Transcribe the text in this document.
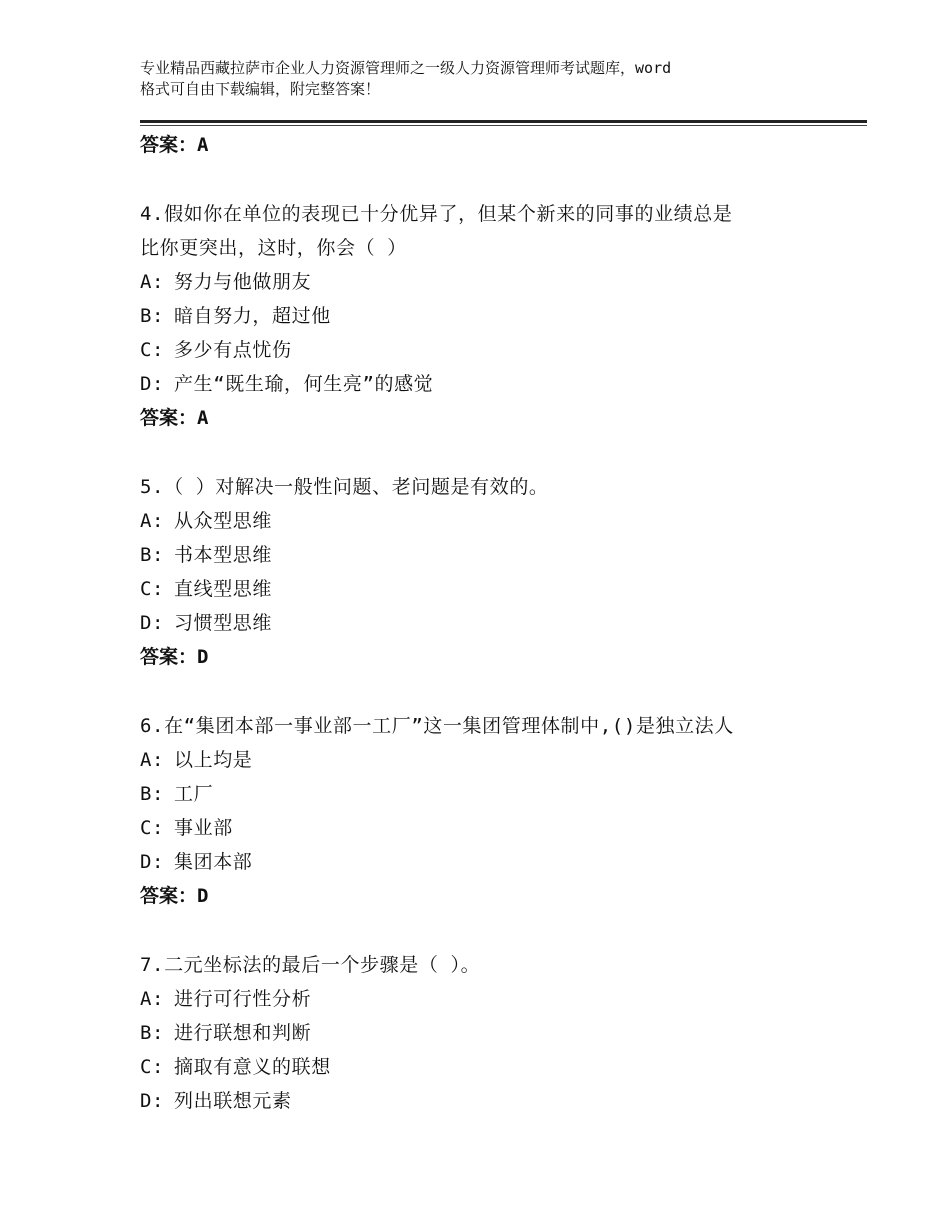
专业精品西藏拉萨市企业人力资源管理师之一级人力资源管理师考试题库，word
格式可自由下载编辑，附完整答案！
答案：A
4.假如你在单位的表现已十分优异了，但某个新来的同事的业绩总是
比你更突出，这时，你会（ ）
A: 努力与他做朋友
B: 暗自努力，超过他
C: 多少有点忧伤
D: 产生“既生瑜，何生亮”的感觉
答案：A
5.（ ）对解决一般性问题、老问题是有效的。
A: 从众型思维
B: 书本型思维
C: 直线型思维
D: 习惯型思维
答案：D
6.在“集团本部一事业部一工厂”这一集团管理体制中,()是独立法人
A: 以上均是
B: 工厂
C: 事业部
D: 集团本部
答案：D
7.二元坐标法的最后一个步骤是（ ）。
A: 进行可行性分析
B: 进行联想和判断
C: 摘取有意义的联想
D: 列出联想元素
